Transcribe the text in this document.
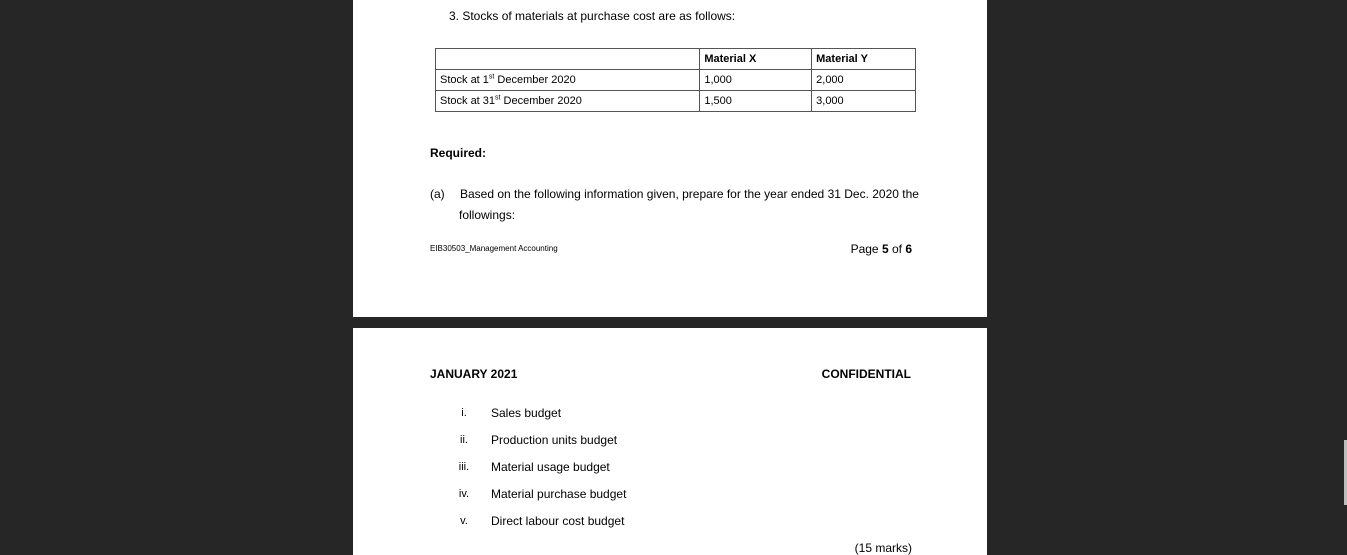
3. Stocks of materials at purchase cost are as follows:
	Material X	Material Y
Stock at 1st December 2020	1,000	2,000
Stock at 31st December 2020	1,500	3,000
Required:
(a) Based on the following information given, prepare for the year ended 31 Dec. 2020 the
followings:
EIB30503_Management Accounting	Page 5 of 6
JANUARY 2021	CONFIDENTIAL
i.	Sales budget
ii.	Production units budget
iii.	Material usage budget
iv.	Material purchase budget
v.	Direct labour cost budget
(15 marks)
